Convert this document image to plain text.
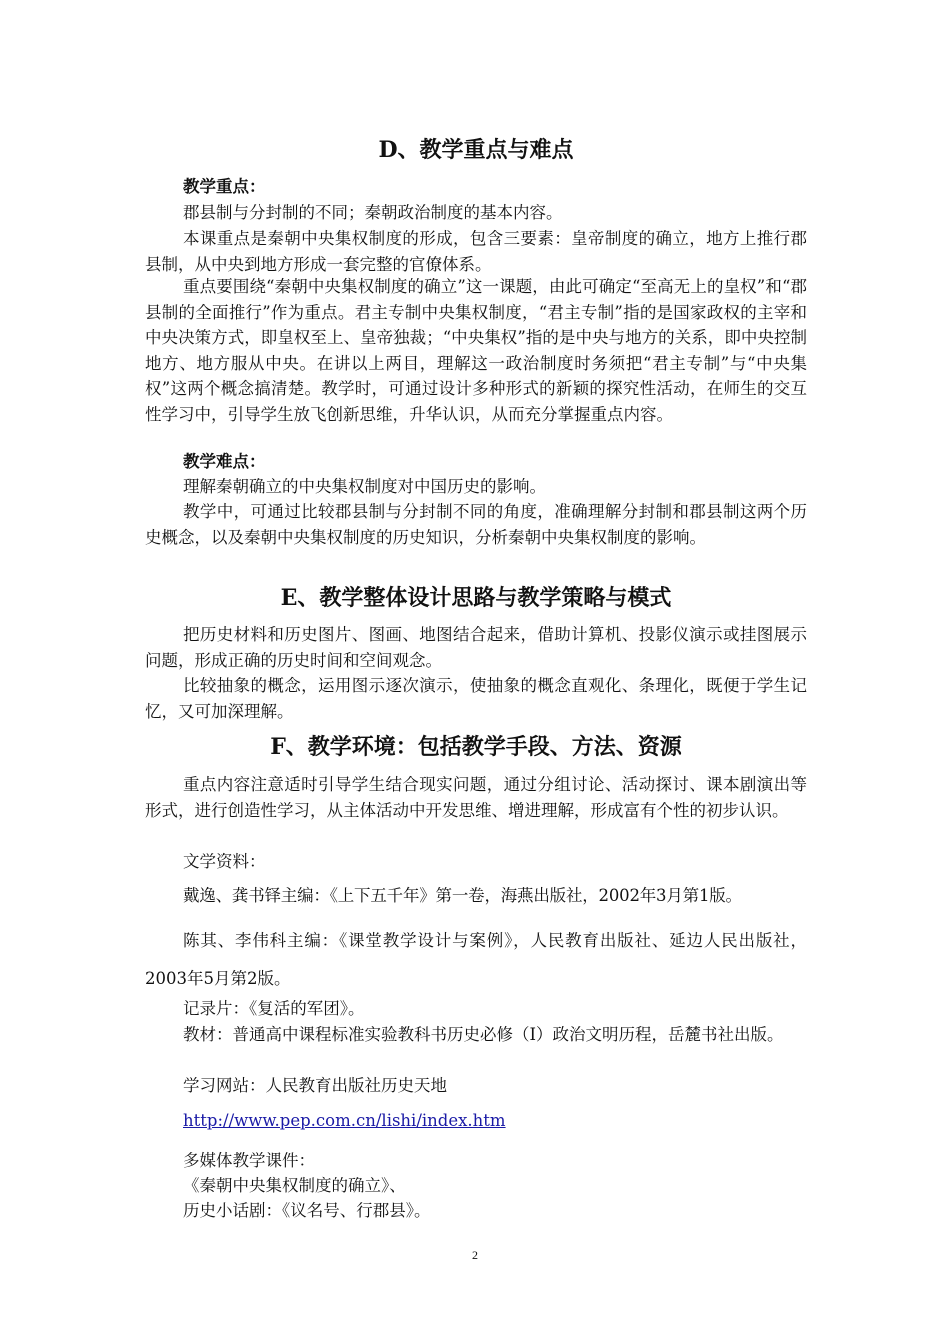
D、教学重点与难点

教学重点：

郡县制与分封制的不同；秦朝政治制度的基本内容。

本课重点是秦朝中央集权制度的形成，包含三要素：皇帝制度的确立，地方上推行郡县制，从中央到地方形成一套完整的官僚体系。

重点要围绕“秦朝中央集权制度的确立”这一课题，由此可确定“至高无上的皇权”和“郡县制的全面推行”作为重点。君主专制中央集权制度，“君主专制”指的是国家政权的主宰和中央决策方式，即皇权至上、皇帝独裁；“中央集权”指的是中央与地方的关系，即中央控制地方、地方服从中央。在讲以上两目，理解这一政治制度时务须把“君主专制”与“中央集权”这两个概念搞清楚。教学时，可通过设计多种形式的新颖的探究性活动，在师生的交互性学习中，引导学生放飞创新思维，升华认识，从而充分掌握重点内容。

教学难点：

理解秦朝确立的中央集权制度对中国历史的影响。

教学中，可通过比较郡县制与分封制不同的角度，准确理解分封制和郡县制这两个历史概念，以及秦朝中央集权制度的历史知识，分析秦朝中央集权制度的影响。

E、教学整体设计思路与教学策略与模式

把历史材料和历史图片、图画、地图结合起来，借助计算机、投影仪演示或挂图展示问题，形成正确的历史时间和空间观念。

比较抽象的概念，运用图示逐次演示，使抽象的概念直观化、条理化，既便于学生记忆，又可加深理解。

F、教学环境：包括教学手段、方法、资源

重点内容注意适时引导学生结合现实问题，通过分组讨论、活动探讨、课本剧演出等形式，进行创造性学习，从主体活动中开发思维、增进理解，形成富有个性的初步认识。

文学资料：

戴逸、龚书铎主编：《上下五千年》第一卷，海燕出版社，2002年3月第1版。

陈其、李伟科主编：《课堂教学设计与案例》，人民教育出版社、延边人民出版社，2003年5月第2版。

记录片：《复活的军团》。

教材：普通高中课程标准实验教科书历史必修（Ⅰ）政治文明历程，岳麓书社出版。

学习网站：人民教育出版社历史天地

http://www.pep.com.cn/lishi/index.htm

多媒体教学课件：

《秦朝中央集权制度的确立》、

历史小话剧：《议名号、行郡县》。

2
